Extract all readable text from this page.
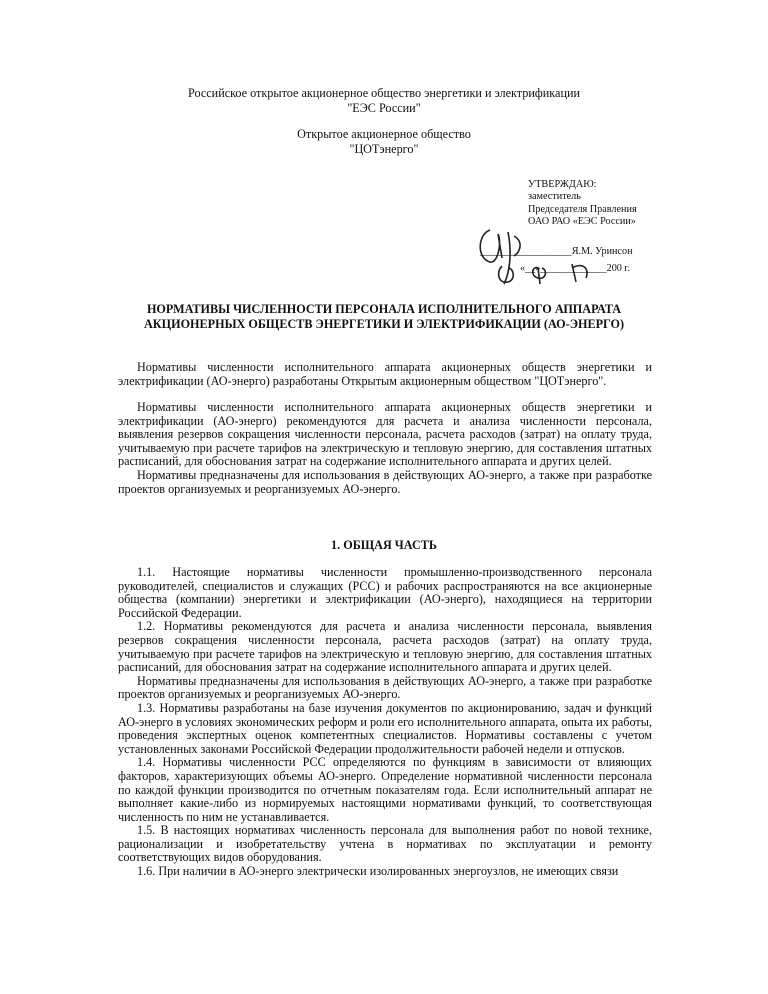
Российское открытое акционерное общество энергетики и электрификации
"ЕЭС России"
Открытое акционерное общество
"ЦОТэнерго"
УТВЕРЖДАЮ:
заместитель
Председателя Правления
ОАО РАО «ЕЭС России»
__________________Я.М. Уринсон
«__»_____________200 г.
НОРМАТИВЫ ЧИСЛЕННОСТИ ПЕРСОНАЛА ИСПОЛНИТЕЛЬНОГО АППАРАТА
АКЦИОНЕРНЫХ ОБЩЕСТВ ЭНЕРГЕТИКИ И ЭЛЕКТРИФИКАЦИИ (АО-ЭНЕРГО)

Нормативы численности исполнительного аппарата акционерных обществ энергетики и электрификации (АО-энерго) разработаны Открытым акционерным обществом "ЦОТэнерго".

Нормативы численности исполнительного аппарата акционерных обществ энергетики и электрификации (АО-энерго) рекомендуются для расчета и анализа численности персонала, выявления резервов сокращения численности персонала, расчета расходов (затрат) на оплату труда, учитываемую при расчете тарифов на электрическую и тепловую энергию, для составления штатных расписаний, для обоснования затрат на содержание исполнительного аппарата и других целей.

Нормативы предназначены для использования в действующих АО-энерго, а также при разработке проектов организуемых и реорганизуемых АО-энерго.

1. ОБЩАЯ ЧАСТЬ

1.1. Настоящие нормативы численности промышленно-производственного персонала руководителей, специалистов и служащих (РСС) и рабочих распространяются на все акционерные общества (компании) энергетики и электрификации (АО-энерго), находящиеся на территории Российской Федерации.

1.2. Нормативы рекомендуются для расчета и анализа численности персонала, выявления резервов сокращения численности персонала, расчета расходов (затрат) на оплату труда, учитываемую при расчете тарифов на электрическую и тепловую энергию, для составления штатных расписаний, для обоснования затрат на содержание исполнительного аппарата и других целей.

Нормативы предназначены для использования в действующих АО-энерго, а также при разработке проектов организуемых и реорганизуемых АО-энерго.

1.3. Нормативы разработаны на базе изучения документов по акционированию, задач и функций АО-энерго в условиях экономических реформ и роли его исполнительного аппарата, опыта их работы, проведения экспертных оценок компетентных специалистов. Нормативы составлены с учетом установленных законами Российской Федерации продолжительности рабочей недели и отпусков.

1.4. Нормативы численности РСС определяются по функциям в зависимости от влияющих факторов, характеризующих объемы АО-энерго. Определение нормативной численности персонала по каждой функции производится по отчетным показателям года. Если исполнительный аппарат не выполняет какие-либо из нормируемых настоящими нормативами функций, то соответствующая численность по ним не устанавливается.

1.5. В настоящих нормативах численность персонала для выполнения работ по новой технике, рационализации и изобретательству учтена в нормативах по эксплуатации и ремонту соответствующих видов оборудования.

1.6. При наличии в АО-энерго электрически изолированных энергоузлов, не имеющих связи
